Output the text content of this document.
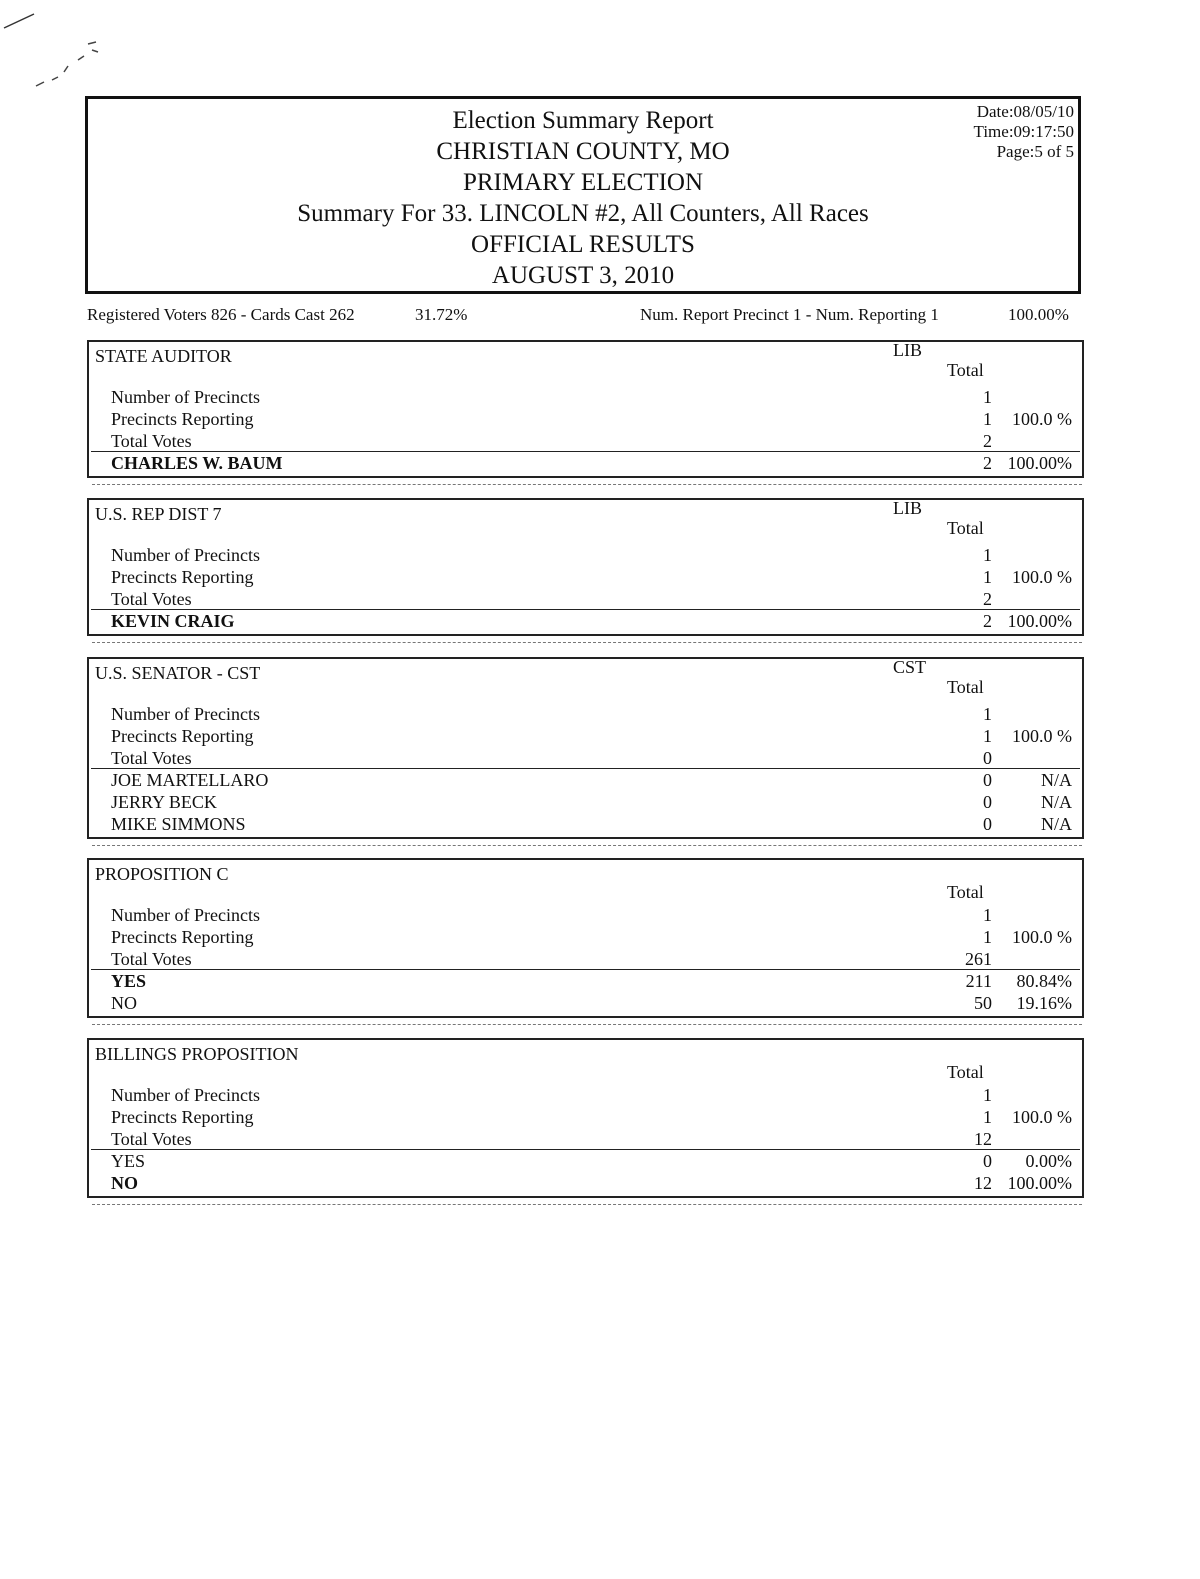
Election Summary Report
CHRISTIAN COUNTY, MO
PRIMARY ELECTION
Summary For 33. LINCOLN #2, All Counters, All Races
OFFICIAL RESULTS
AUGUST 3, 2010
Date:08/05/10
Time:09:17:50
Page:5 of 5
Registered Voters 826 - Cards Cast 262	31.72%	Num. Report Precinct 1 - Num. Reporting 1	100.00%
STATE AUDITOR	LIB
Total
Number of Precincts	1
Precincts Reporting	1 100.0 %
Total Votes	2
CHARLES W. BAUM	2 100.00%
U.S. REP DIST 7	LIB
Total
Number of Precincts	1
Precincts Reporting	1 100.0 %
Total Votes	2
KEVIN CRAIG	2 100.00%
U.S. SENATOR - CST	CST
Total
Number of Precincts	1
Precincts Reporting	1 100.0 %
Total Votes	0
JOE MARTELLARO	0	N/A
JERRY BECK	0	N/A
MIKE SIMMONS	0	N/A
PROPOSITION C
Total
Number of Precincts	1
Precincts Reporting	1 100.0 %
Total Votes	261
YES	211 80.84%
NO	50 19.16%
BILLINGS PROPOSITION
Total
Number of Precincts	1
Precincts Reporting	1 100.0 %
Total Votes	12
YES	0 0.00%
NO	12 100.00%
